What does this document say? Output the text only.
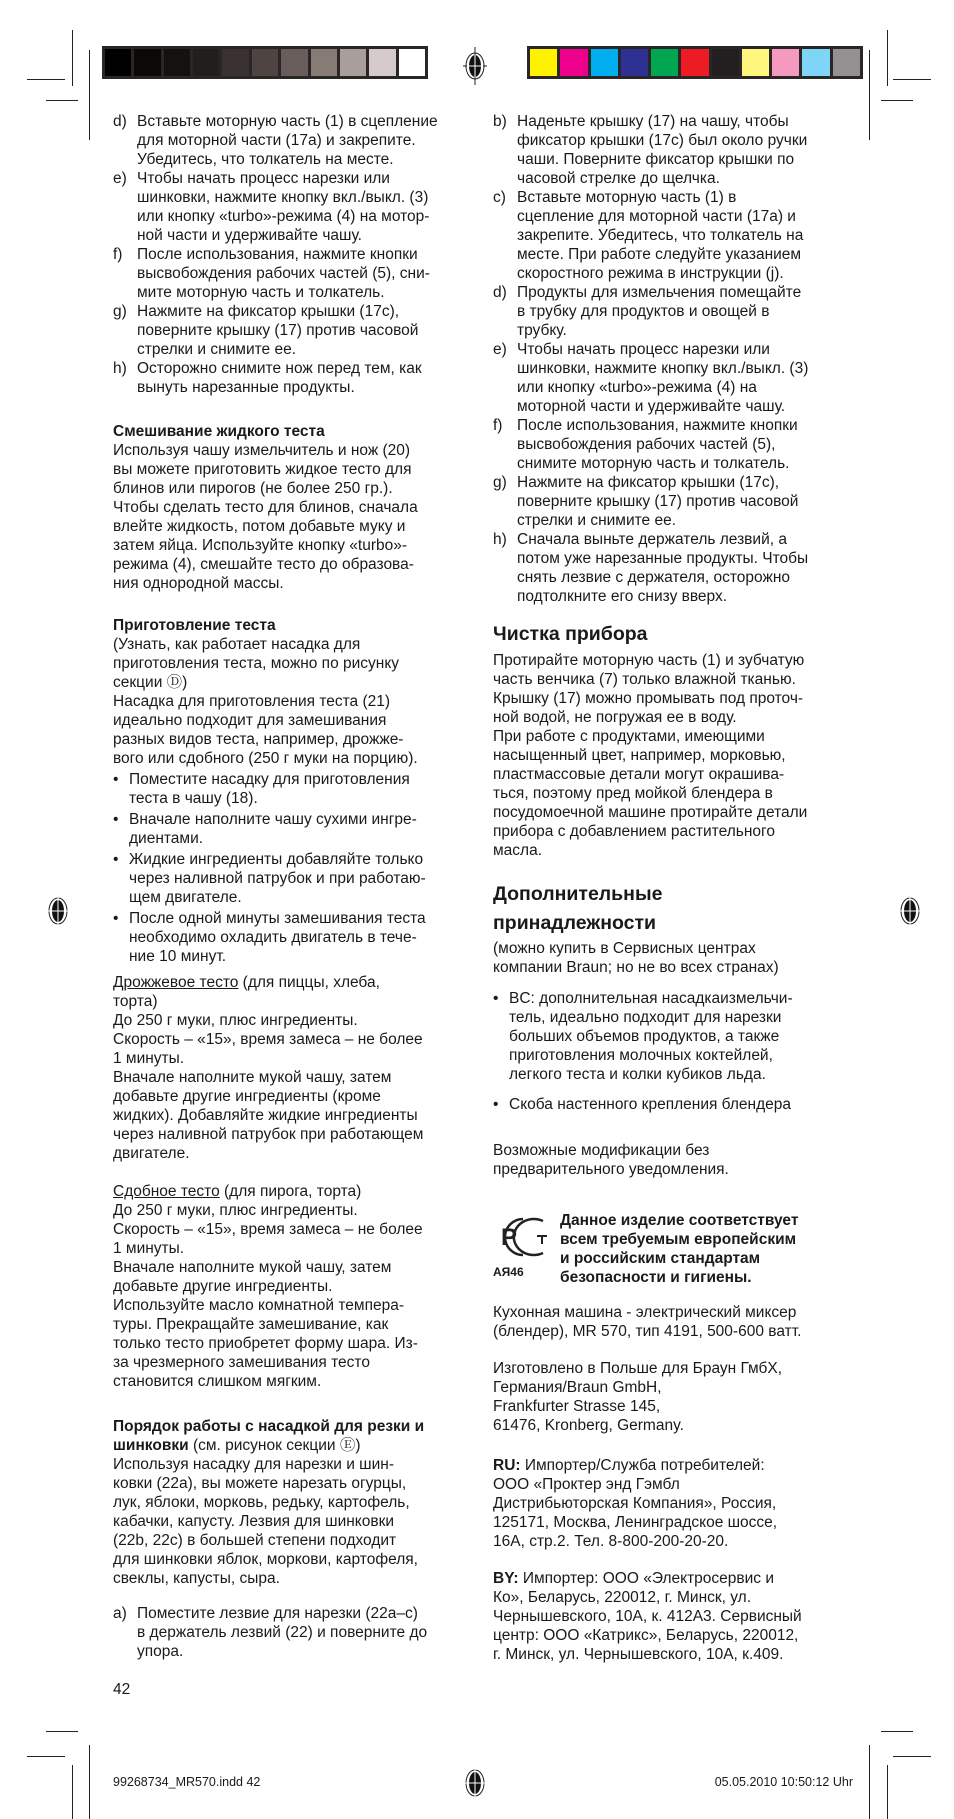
d) Вставьте моторную часть (1) в сцепление
для моторной части (17a) и закрепите.
Убедитесь, что толкатель на месте.
e) Чтобы начать процесс нарезки или
шинковки, нажмите кнопку вкл./выкл. (3)
или кнопку «turbo»-режима (4) на мотор-
ной части и удерживайте чашу.
f) После использования, нажмите кнопки
высвобождения рабочих частей (5), сни-
мите моторную часть и толкатель.
g) Нажмите на фиксатор крышки (17c),
поверните крышку (17) против часовой
стрелки и снимите ее.
h) Осторожно снимите нож перед тем, как
вынуть нарезанные продукты.
Смешивание жидкого теста
Используя чашу измельчитель и нож (20)
вы можете приготовить жидкое тесто для
блинов или пирогов (не более 250 гр.).
Чтобы сделать тесто для блинов, сначала
влейте жидкость, потом добавьте муку и
затем яйца. Используйте кнопку «turbo»-
режима (4), смешайте тесто до образова-
ния однородной массы.
Приготовление теста
(Узнать, как работает насадка для
приготовления теста, можно по рисунку
секции Ⓓ)
Насадка для приготовления теста (21)
идеально подходит для замешивания
разных видов теста, например, дрожже-
вого или сдобного (250 г муки на порцию).
• Поместите насадку для приготовления
теста в чашу (18).
• Вначале наполните чашу сухими ингре-
диентами.
• Жидкие ингредиенты добавляйте только
через наливной патрубок и при работаю-
щем двигателе.
• После одной минуты замешивания теста
необходимо охладить двигатель в тече-
ние 10 минут.
Дрожжевое тесто (для пиццы, хлеба,
торта)
До 250 г муки, плюс ингредиенты.
Скорость – «15», время замеса – не более
1 минуты.
Вначале наполните мукой чашу, затем
добавьте другие ингредиенты (кроме
жидких). Добавляйте жидкие ингредиенты
через наливной патрубок при работающем
двигателе.
Сдобное тесто (для пирога, торта)
До 250 г муки, плюс ингредиенты.
Скорость – «15», время замеса – не более
1 минуты.
Вначале наполните мукой чашу, затем
добавьте другие ингредиенты.
Используйте масло комнатной темпера-
туры. Прекращайте замешивание, как
только тесто приобретет форму шара. Из-
за чрезмерного замешивания тесто
становится слишком мягким.
Порядок работы с насадкой для резки и
шинковки (см. рисунок секции Ⓔ)
Используя насадку для нарезки и шин-
ковки (22a), вы можете нарезать огурцы,
лук, яблоки, морковь, редьку, картофель,
кабачки, капусту. Лезвия для шинковки
(22b, 22c) в большей степени подходит
для шинковки яблок, моркови, картофеля,
свеклы, капусты, сыра.
a) Поместите лезвие для нарезки (22a–c)
в держатель лезвий (22) и поверните до
упора.
b) Наденьте крышку (17) на чашу, чтобы
фиксатор крышки (17c) был около ручки
чаши. Поверните фиксатор крышки по
часовой стрелке до щелчка.
c) Вставьте моторную часть (1) в
сцепление для моторной части (17a) и
закрепите. Убедитесь, что толкатель на
месте. При работе следуйте указанием
скоростного режима в инструкции (j).
d) Продукты для измельчения помещайте
в трубку для продуктов и овощей в
трубку.
e) Чтобы начать процесс нарезки или
шинковки, нажмите кнопку вкл./выкл. (3)
или кнопку «turbo»-режима (4) на
моторной части и удерживайте чашу.
f) После использования, нажмите кнопки
высвобождения рабочих частей (5),
снимите моторную часть и толкатель.
g) Нажмите на фиксатор крышки (17c),
поверните крышку (17) против часовой
стрелки и снимите ее.
h) Сначала выньте держатель лезвий, а
потом уже нарезанные продукты. Чтобы
снять лезвие с держателя, осторожно
подтолкните его снизу вверх.
Чистка прибора
Протирайте моторную часть (1) и зубчатую
часть венчика (7) только влажной тканью.
Крышку (17) можно промывать под проточ-
ной водой, не погружая ее в воду.
При работе с продуктами, имеющими
насыщенный цвет, например, морковью,
пластмассовые детали могут окрашива-
ться, поэтому пред мойкой блендера в
посудомоечной машине протирайте детали
прибора с добавлением растительного
масла.
Дополнительные
принадлежности
(можно купить в Сервисных центрах
компании Braun; но не во всех странах)
• BC: дополнительная насадкаизмельчи-
тель, идеально подходит для нарезки
больших объемов продуктов, а также
приготовления молочных коктейлей,
легкого теста и колки кубиков льда.
• Скоба настенного крепления блендера
Возможные модификации без
предварительного уведомления.
Данное изделие соответствует
всем требуемым европейским
и российским стандартам
безопасности и гигиены.
P
АЯ46
Кухонная машина - электрический миксер
(блендер), MR 570, тип 4191, 500-600 ватт.
Изготовлено в Польше для Браун ГмбХ,
Германия/Braun GmbH,
Frankfurter Strasse 145,
61476, Kronberg, Germany.
RU: Импортер/Служба потребителей:
ООО «Проктер энд Гэмбл
Дистрибьюторская Компания», Россия,
125171, Москва, Ленинградское шоссе,
16А, стр.2. Тел. 8-800-200-20-20.
BY: Импортер: ООО «Электросервис и
Ко», Беларусь, 220012, г. Минск, ул.
Чернышевского, 10А, к. 412А3. Сервисный
центр: ООО «Катрикс», Беларусь, 220012,
г. Минск, ул. Чернышевского, 10А, к.409.
42
99268734_MR570.indd 42	05.05.2010 10:50:12 Uhr
